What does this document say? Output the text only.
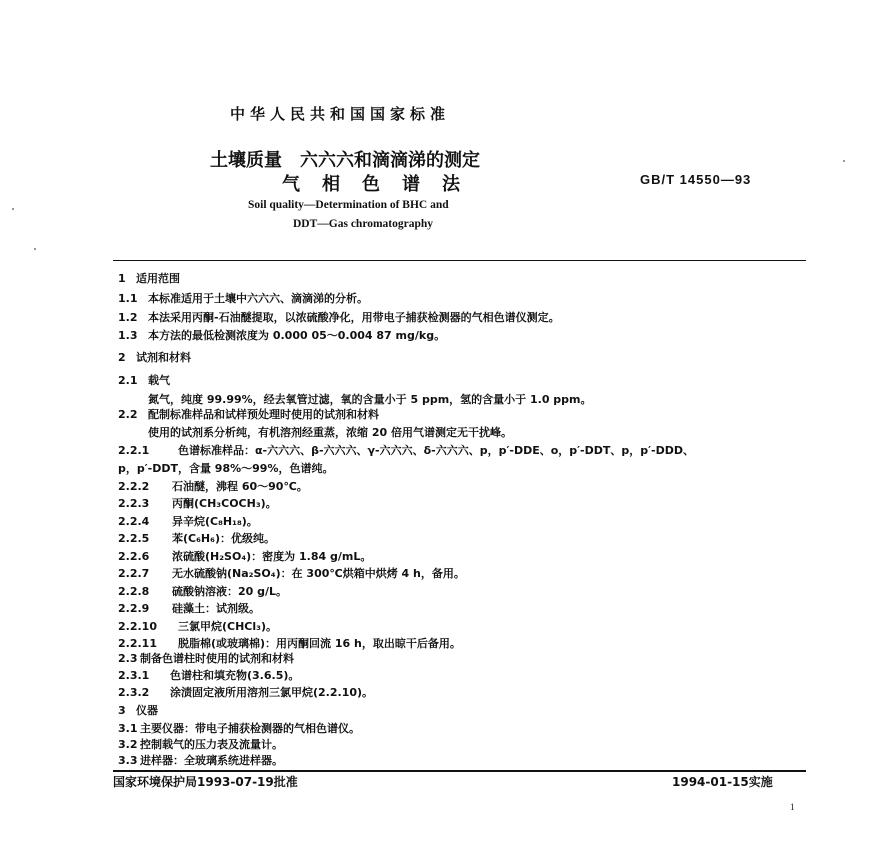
中华人民共和国国家标准
土壤质量　六六六和滴滴涕的测定
气相色谱法	GB/T 14550—93
Soil quality—Determination of BHC and
DDT—Gas chromatography
1 适用范围
1.1 本标准适用于土壤中六六六、滴滴涕的分析。
1.2 本法采用丙酮-石油醚提取，以浓硫酸净化，用带电子捕获检测器的气相色谱仪测定。
1.3 本方法的最低检测浓度为 0.000 05～0.004 87 mg/kg。
2 试剂和材料
2.1 载气
氮气，纯度 99.99%，经去氧管过滤，氧的含量小于 5 ppm，氢的含量小于 1.0 ppm。
2.2 配制标准样品和试样预处理时使用的试剂和材料
使用的试剂系分析纯，有机溶剂经重蒸，浓缩 20 倍用气谱测定无干扰峰。
2.2.1	色谱标准样品：α-六六六、β-六六六、γ-六六六、δ-六六六、p，p′-DDE、o，p′-DDT、p，p′-DDD、
p，p′-DDT，含量 98%～99%，色谱纯。
2.2.2 石油醚，沸程 60～90℃。
2.2.3 丙酮(CH₃COCH₃)。
2.2.4 异辛烷(C₈H₁₈)。
2.2.5 苯(C₆H₆)：优级纯。
2.2.6 浓硫酸(H₂SO₄)：密度为 1.84 g/mL。
2.2.7 无水硫酸钠(Na₂SO₄)：在 300℃烘箱中烘烤 4 h，备用。
2.2.8 硫酸钠溶液：20 g/L。
2.2.9 硅藻土：试剂级。
2.2.10 三氯甲烷(CHCl₃)。
2.2.11 脱脂棉(或玻璃棉)：用丙酮回流 16 h，取出晾干后备用。
2.3 制备色谱柱时使用的试剂和材料
2.3.1 色谱柱和填充物(3.6.5)。
2.3.2 涂渍固定液所用溶剂三氯甲烷(2.2.10)。
3 仪器
3.1 主要仪器：带电子捕获检测器的气相色谱仪。
3.2 控制载气的压力表及流量计。
3.3 进样器：全玻璃系统进样器。
国家环境保护局1993-07-19批准	1994-01-15实施
1
